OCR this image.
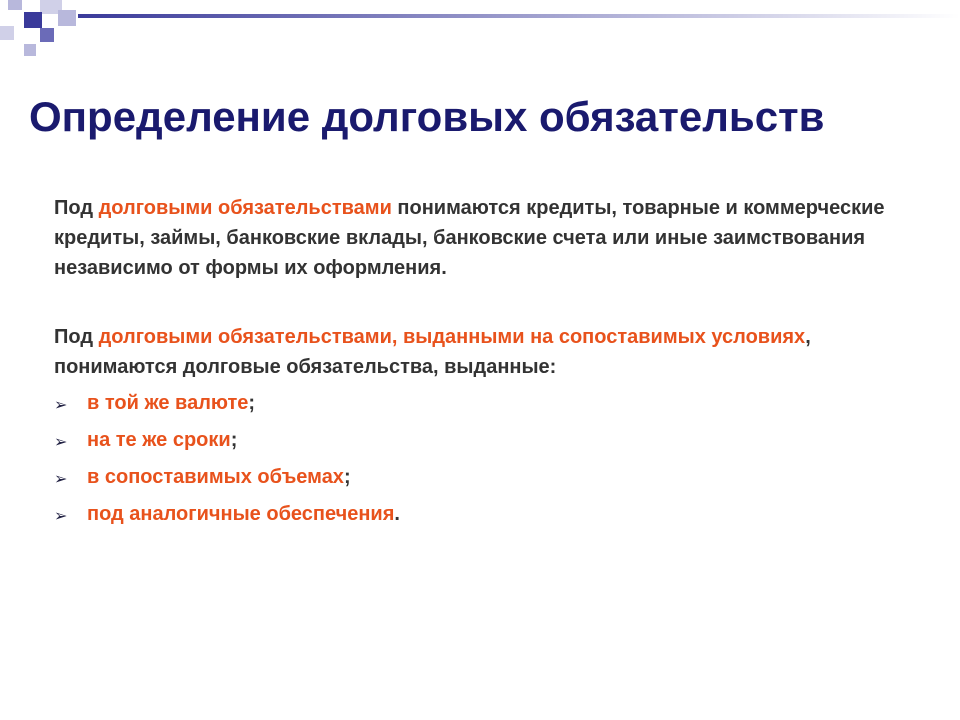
Определение долговых обязательств
Под долговыми обязательствами понимаются кредиты, товарные и коммерческие кредиты, займы, банковские вклады, банковские счета или иные заимствования независимо от формы их оформления.
Под долговыми обязательствами, выданными на сопоставимых условиях, понимаются долговые обязательства, выданные:
➢ в той же валюте;
➢ на те же сроки;
➢ в сопоставимых объемах;
➢ под аналогичные обеспечения.
